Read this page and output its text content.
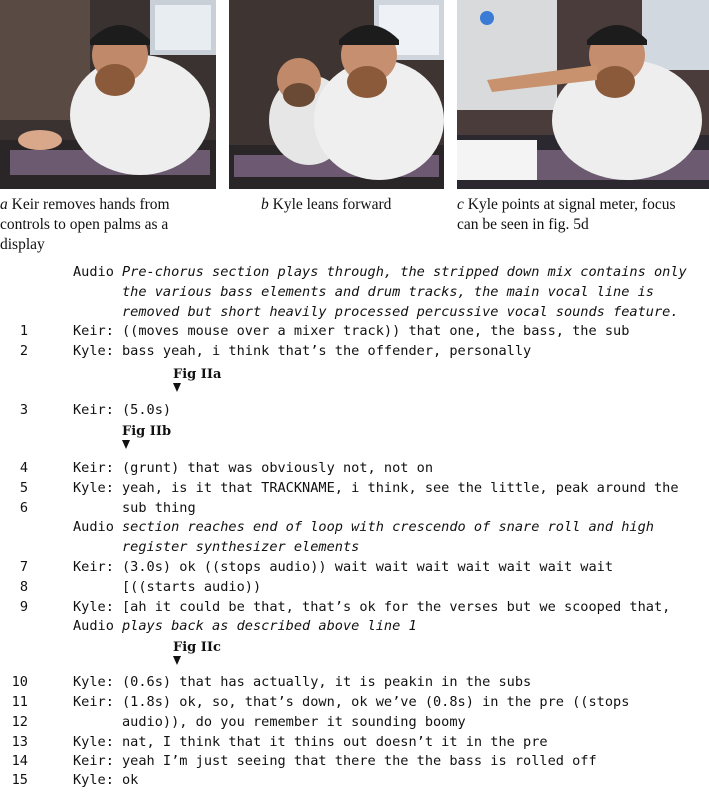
a Keir removes hands from
controls to open palms as a
display
b Kyle leans forward	c Kyle points at signal meter, focus
can be seen in fig. 5d
Audio Pre-chorus section plays through, the stripped down mix contains only
the various bass elements and drum tracks, the main vocal line is
removed but short heavily processed percussive vocal sounds feature.
1	Keir: ((moves mouse over a mixer track)) that one, the bass, the sub
2	Kyle: bass yeah, i think that’s the offender, personally
Fig IIa
3	Keir: (5.0s)
Fig IIb
4	Keir: (grunt) that was obviously not, not on
5	Kyle: yeah, is it that TRACKNAME, i think, see the little, peak around the
6	sub thing
Audio section reaches end of loop with crescendo of snare roll and high
register synthesizer elements
7	Keir: (3.0s) ok ((stops audio)) wait wait wait wait wait wait wait
8	[((starts audio))
9	Kyle: [ah it could be that, that’s ok for the verses but we scooped that,
Audio plays back as described above line 1
Fig IIc
10	Kyle: (0.6s) that has actually, it is peakin in the subs
11	Keir: (1.8s) ok, so, that’s down, ok we’ve (0.8s) in the pre ((stops
12	audio)), do you remember it sounding boomy
13	Kyle: nat, I think that it thins out doesn’t it in the pre
14	Keir: yeah I’m just seeing that there the the bass is rolled off
15	Kyle: ok
